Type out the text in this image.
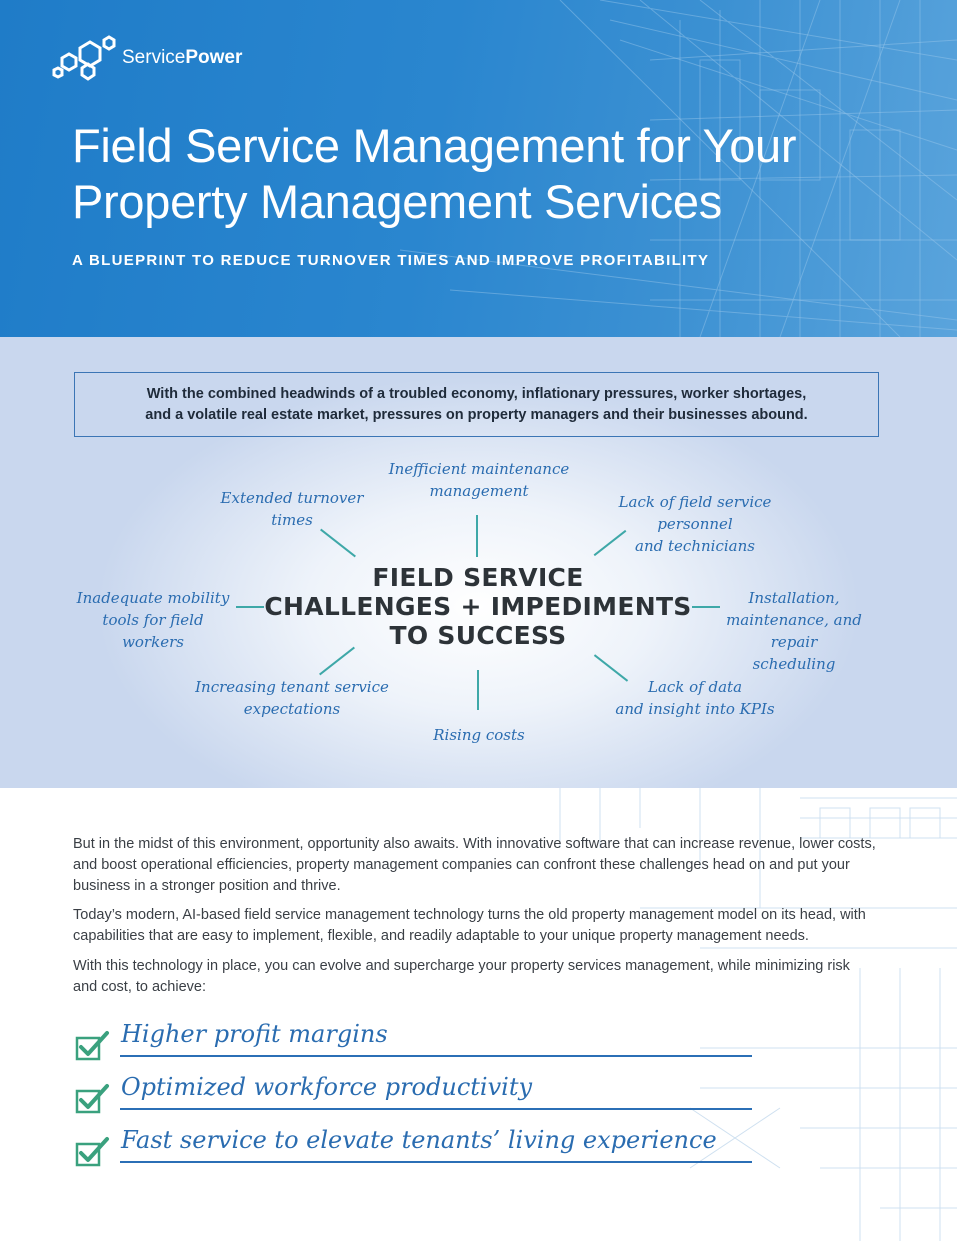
ServicePower
Field Service Management for Your
Property Management Services
A BLUEPRINT TO REDUCE TURNOVER TIMES AND IMPROVE PROFITABILITY
With the combined headwinds of a troubled economy, inflationary pressures, worker shortages,
and a volatile real estate market, pressures on property managers and their businesses abound.
FIELD SERVICE
CHALLENGES + IMPEDIMENTS
TO SUCCESS
Inefficient maintenance
management
Lack of field service personnel
and technicians
Installation,
maintenance, and repair
scheduling
Lack of data
and insight into KPIs
Rising costs
Increasing tenant service
expectations
Inadequate mobility
tools for field workers
Extended turnover
times

But in the midst of this environment, opportunity also awaits. With innovative software that can increase revenue, lower costs, and boost operational efficiencies, property management companies can confront these challenges head on and put your business in a stronger position and thrive.

Today’s modern, AI-based field service management technology turns the old property management model on its head, with capabilities that are easy to implement, flexible, and readily adaptable to your unique property management needs.

With this technology in place, you can evolve and supercharge your property services management, while minimizing risk and cost, to achieve:

Higher profit margins
Optimized workforce productivity
Fast service to elevate tenants’ living experience
